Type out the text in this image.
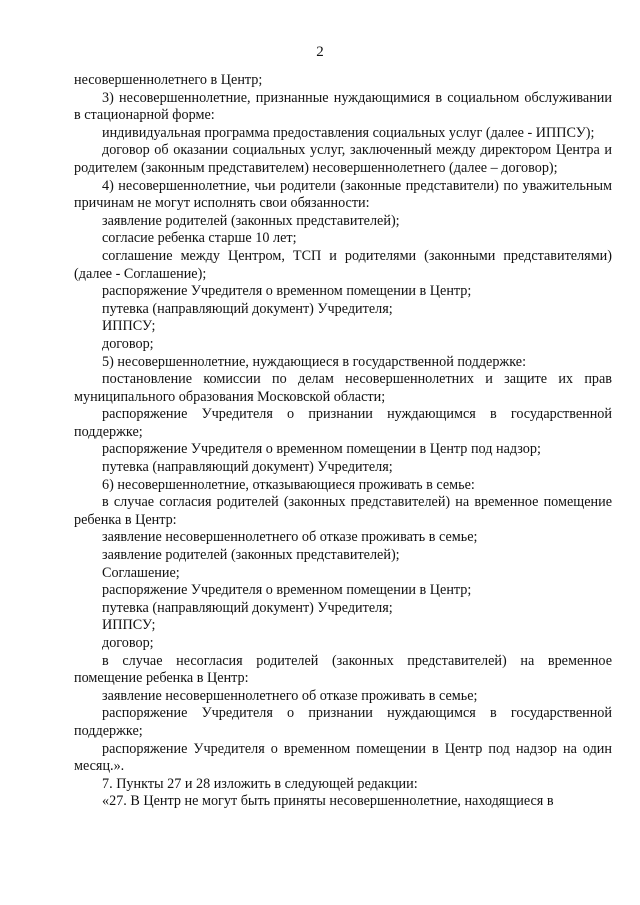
2

несовершеннолетнего в Центр;

3) несовершеннолетние, признанные нуждающимися в социальном обслуживании в стационарной форме:

индивидуальная программа предоставления социальных услуг (далее - ИППСУ);

договор об оказании социальных услуг, заключенный между директором Центра и родителем (законным представителем) несовершеннолетнего (далее – договор);

4) несовершеннолетние, чьи родители (законные представители) по уважительным причинам не могут исполнять свои обязанности:

заявление родителей (законных представителей);

согласие ребенка старше 10 лет;

соглашение между Центром, ТСП и родителями (законными представителями) (далее - Соглашение);

распоряжение Учредителя о временном помещении в Центр;

путевка (направляющий документ) Учредителя;

ИППСУ;

договор;

5) несовершеннолетние, нуждающиеся в государственной поддержке:

постановление комиссии по делам несовершеннолетних и защите их прав муниципального образования Московской области;

распоряжение Учредителя о признании нуждающимся в государственной поддержке;

распоряжение Учредителя о временном помещении в Центр под надзор;

путевка (направляющий документ) Учредителя;

6) несовершеннолетние, отказывающиеся проживать в семье:

в случае согласия родителей (законных представителей) на временное помещение ребенка в Центр:

заявление несовершеннолетнего об отказе проживать в семье;

заявление родителей (законных представителей);

Соглашение;

распоряжение Учредителя о временном помещении в Центр;

путевка (направляющий документ) Учредителя;

ИППСУ;

договор;

в случае несогласия родителей (законных представителей) на временное помещение ребенка в Центр:

заявление несовершеннолетнего об отказе проживать в семье;

распоряжение Учредителя о признании нуждающимся в государственной поддержке;

распоряжение Учредителя о временном помещении в Центр под надзор на один месяц.».

7. Пункты 27 и 28 изложить в следующей редакции:

«27. В Центр не могут быть приняты несовершеннолетние, находящиеся в
